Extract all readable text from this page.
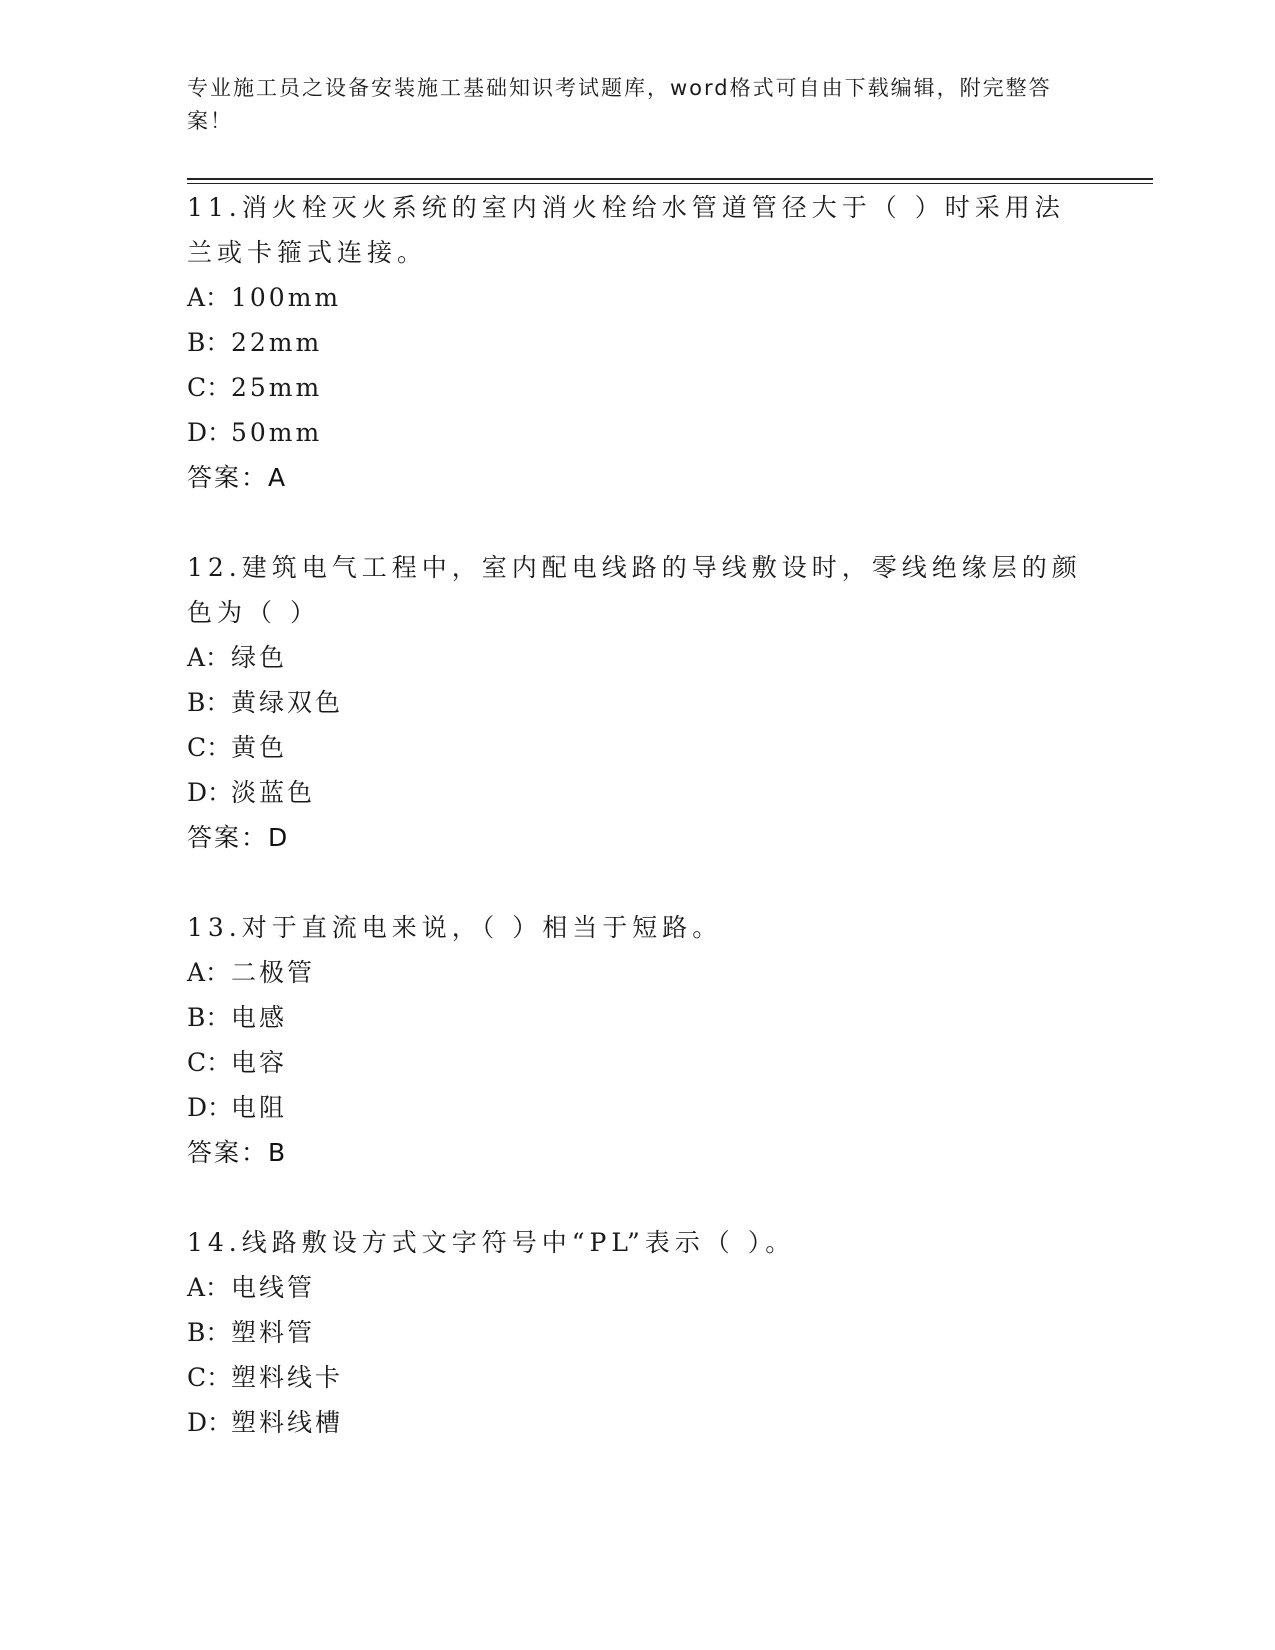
专业施工员之设备安装施工基础知识考试题库，word格式可自由下载编辑，附完整答案！

11.消火栓灭火系统的室内消火栓给水管道管径大于（ ）时采用法兰或卡箍式连接。

A：100mm
B：22mm
C：25mm
D：50mm
答案：A

12.建筑电气工程中，室内配电线路的导线敷设时，零线绝缘层的颜色为（ ）

A：绿色
B：黄绿双色
C：黄色
D：淡蓝色
答案：D

13.对于直流电来说，（ ）相当于短路。

A：二极管
B：电感
C：电容
D：电阻
答案：B

14.线路敷设方式文字符号中“PL”表示（ ）。

A：电线管
B：塑料管
C：塑料线卡
D：塑料线槽
